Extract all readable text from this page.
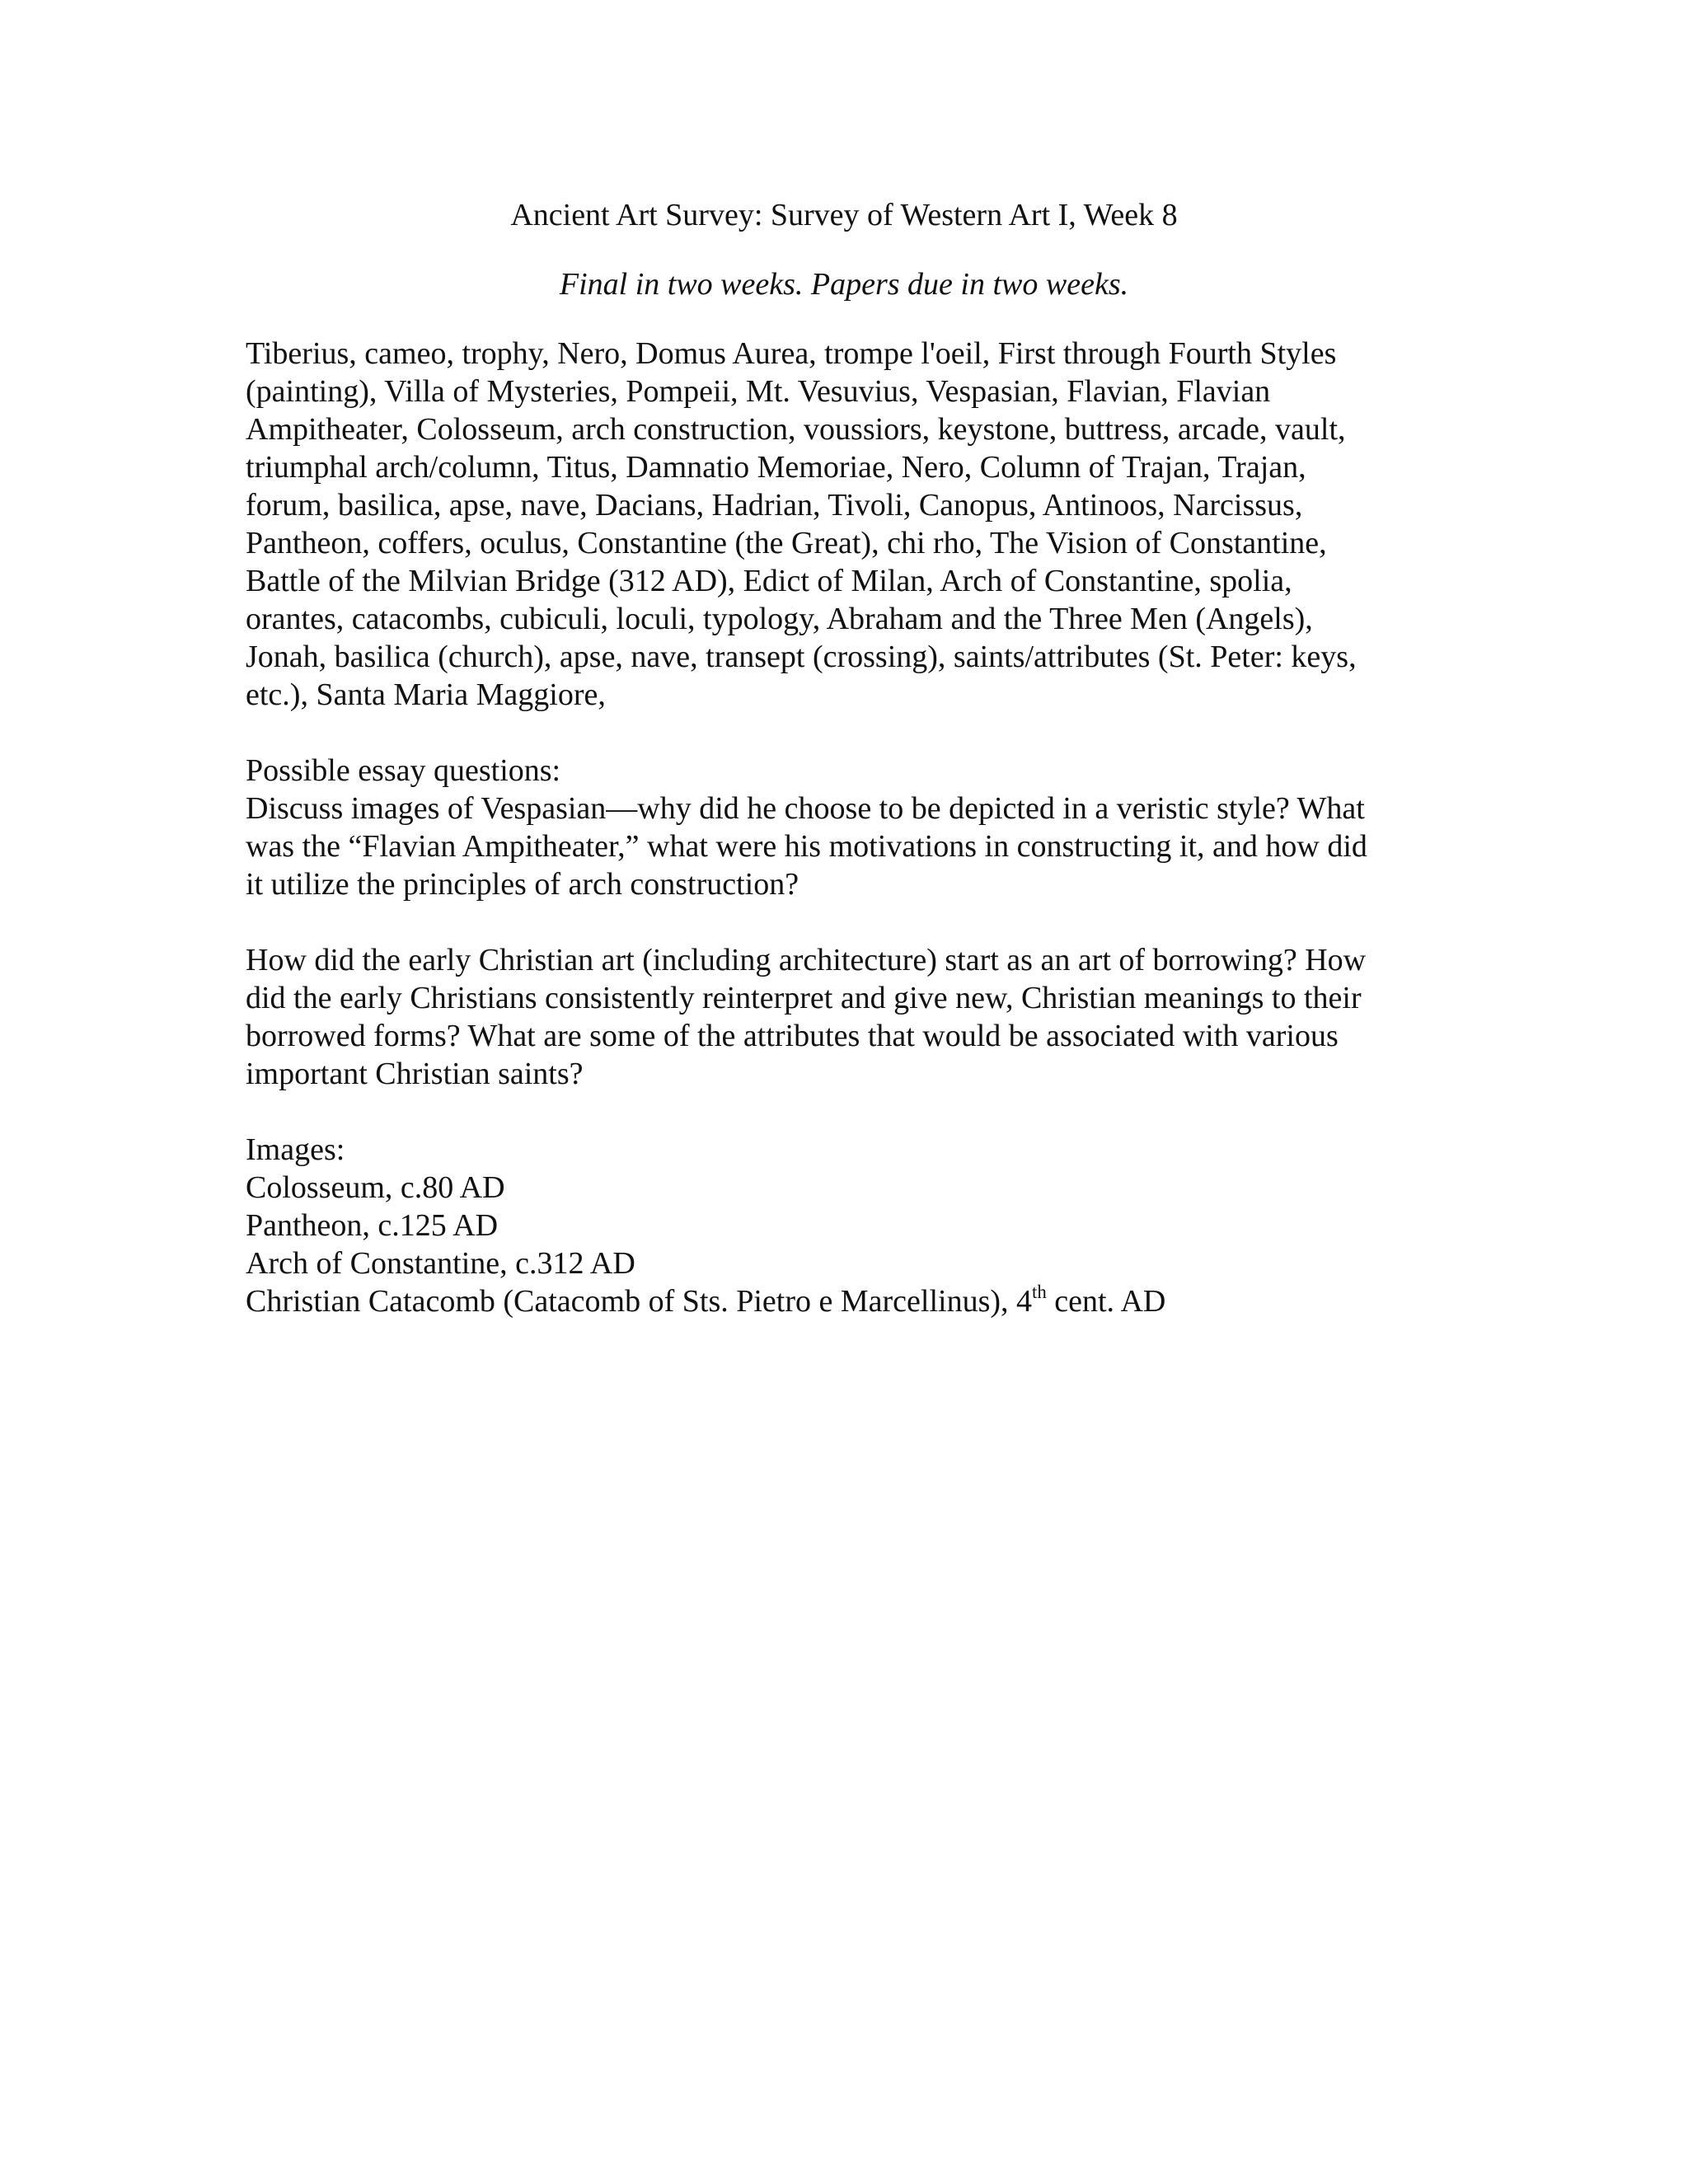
Ancient Art Survey: Survey of Western Art I, Week 8

Final in two weeks. Papers due in two weeks.

Tiberius, cameo, trophy, Nero, Domus Aurea, trompe l'oeil, First through Fourth Styles
(painting), Villa of Mysteries, Pompeii, Mt. Vesuvius, Vespasian, Flavian, Flavian
Ampitheater, Colosseum, arch construction, voussiors, keystone, buttress, arcade, vault,
triumphal arch/column, Titus, Damnatio Memoriae, Nero, Column of Trajan, Trajan,
forum, basilica, apse, nave, Dacians, Hadrian, Tivoli, Canopus, Antinoos, Narcissus,
Pantheon, coffers, oculus, Constantine (the Great), chi rho, The Vision of Constantine,
Battle of the Milvian Bridge (312 AD), Edict of Milan, Arch of Constantine, spolia,
orantes, catacombs, cubiculi, loculi, typology, Abraham and the Three Men (Angels),
Jonah, basilica (church), apse, nave, transept (crossing), saints/attributes (St. Peter: keys,
etc.), Santa Maria Maggiore,

Possible essay questions:
Discuss images of Vespasian—why did he choose to be depicted in a veristic style? What
was the “Flavian Ampitheater,” what were his motivations in constructing it, and how did
it utilize the principles of arch construction?

How did the early Christian art (including architecture) start as an art of borrowing? How
did the early Christians consistently reinterpret and give new, Christian meanings to their
borrowed forms? What are some of the attributes that would be associated with various
important Christian saints?

Images:
Colosseum, c.80 AD
Pantheon, c.125 AD
Arch of Constantine, c.312 AD
Christian Catacomb (Catacomb of Sts. Pietro e Marcellinus), 4th cent. AD
